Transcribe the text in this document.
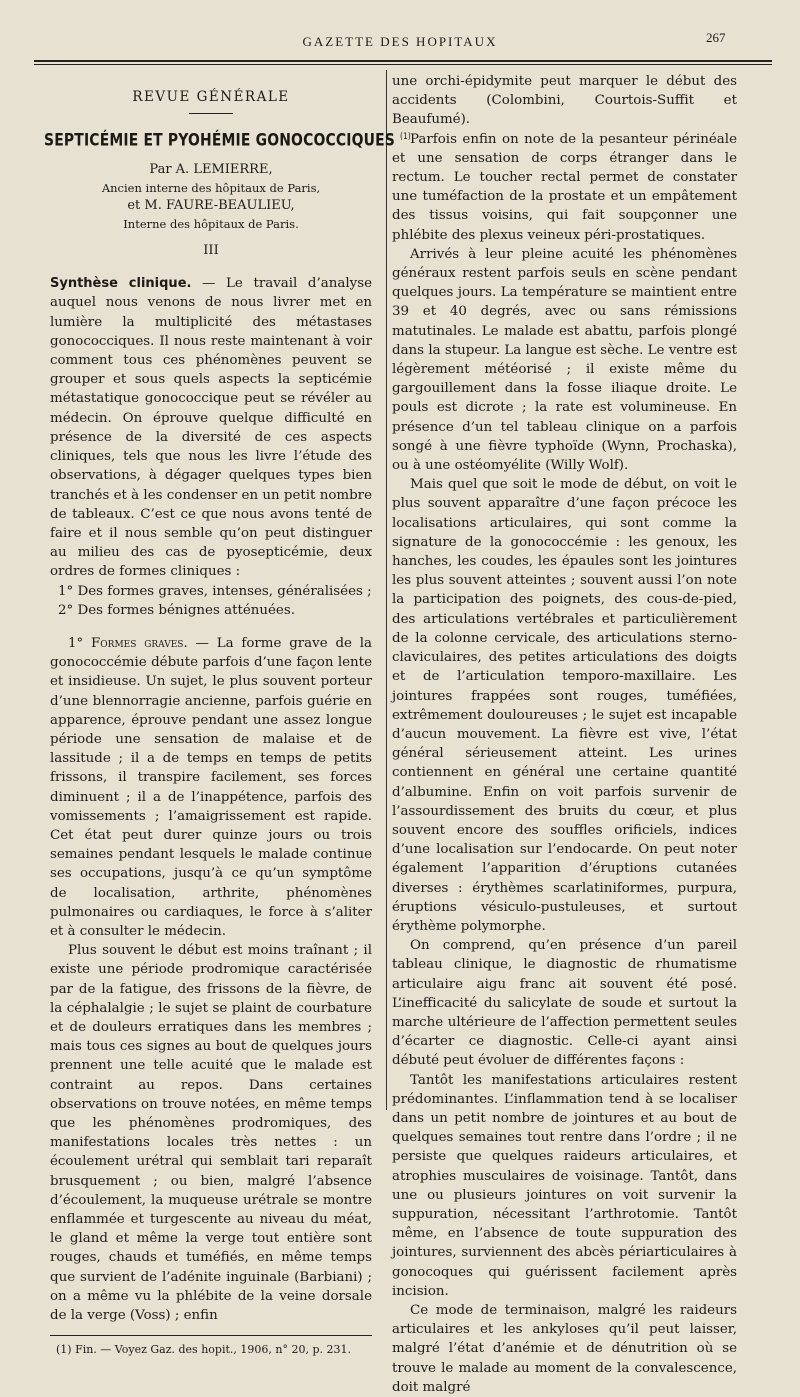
GAZETTE DES HOPITAUX	267
REVUE GÉNÉRALE
SEPTICÉMIE ET PYOHÉMIE GONOCOCCIQUES $^{(1)}$
Par A. LEMIERRE,
Ancien interne des hôpitaux de Paris,
et M. FAURE-BEAULIEU,
Interne des hôpitaux de Paris.
III

Synthèse clinique. — Le travail d’analyse auquel nous venons de nous livrer met en lumière la multiplicité des métastases gonococciques. Il nous reste maintenant à voir comment tous ces phénomènes peuvent se grouper et sous quels aspects la septicémie métastatique gonococcique peut se révéler au médecin. On éprouve quelque difficulté en présence de la diversité de ces aspects cliniques, tels que nous les livre l’étude des observations, à dégager quelques types bien tranchés et à les condenser en un petit nombre de tableaux. C’est ce que nous avons tenté de faire et il nous semble qu’on peut distinguer au milieu des cas de pyosepticémie, deux ordres de formes cliniques :

1° Des formes graves, intenses, généralisées ;

2° Des formes bénignes atténuées.

1° Formes graves. — La forme grave de la gonococcémie débute parfois d’une façon lente et insidieuse. Un sujet, le plus souvent porteur d’une blennorragie ancienne, parfois guérie en apparence, éprouve pendant une assez longue période une sensation de malaise et de lassitude ; il a de temps en temps de petits frissons, il transpire facilement, ses forces diminuent ; il a de l’inappétence, parfois des vomissements ; l’amaigrissement est rapide. Cet état peut durer quinze jours ou trois semaines pendant lesquels le malade continue ses occupations, jusqu’à ce qu’un symptôme de localisation, arthrite, phénomènes pulmonaires ou cardiaques, le force à s’aliter et à consulter le médecin.

Plus souvent le début est moins traînant ; il existe une période prodromique caractérisée par de la fatigue, des frissons de la fièvre, de la céphalalgie ; le sujet se plaint de courbature et de douleurs erratiques dans les membres ; mais tous ces signes au bout de quelques jours prennent une telle acuité que le malade est contraint au repos. Dans certaines observations on trouve notées, en même temps que les phénomènes prodromiques, des manifestations locales très nettes : un écoulement urétral qui semblait tari reparaît brusquement ; ou bien, malgré l’absence d’écoulement, la muqueuse urétrale se montre enflammée et turgescente au niveau du méat, le gland et même la verge tout entière sont rouges, chauds et tuméfiés, en même temps que survient de l’adénite inguinale (Barbiani) ; on a même vu la phlébite de la veine dorsale de la verge (Voss) ; enfin

(1) Fin. — Voyez Gaz. des hopit., 1906, n° 20, p. 231.

une orchi-épidymite peut marquer le début des accidents (Colombini, Courtois-Suffit et Beaufumé).

Parfois enfin on note de la pesanteur périnéale et une sensation de corps étranger dans le rectum. Le toucher rectal permet de constater une tuméfaction de la prostate et un empâtement des tissus voisins, qui fait soupçonner une phlébite des plexus veineux péri-prostatiques.

Arrivés à leur pleine acuité les phénomènes généraux restent parfois seuls en scène pendant quelques jours. La température se maintient entre 39 et 40 degrés, avec ou sans rémissions matutinales. Le malade est abattu, parfois plongé dans la stupeur. La langue est sèche. Le ventre est légèrement météorisé ; il existe même du gargouillement dans la fosse iliaque droite. Le pouls est dicrote ; la rate est volumineuse. En présence d’un tel tableau clinique on a parfois songé à une fièvre typhoïde (Wynn, Prochaska), ou à une ostéomyélite (Willy Wolf).

Mais quel que soit le mode de début, on voit le plus souvent apparaître d’une façon précoce les localisations articulaires, qui sont comme la signature de la gonococcémie : les genoux, les hanches, les coudes, les épaules sont les jointures les plus souvent atteintes ; souvent aussi l’on note la participation des poignets, des cous-de-pied, des articulations vertébrales et particulièrement de la colonne cervicale, des articulations sterno-claviculaires, des petites articulations des doigts et de l’articulation temporo-maxillaire. Les jointures frappées sont rouges, tuméfiées, extrêmement douloureuses ; le sujet est incapable d’aucun mouvement. La fièvre est vive, l’état général sérieusement atteint. Les urines contiennent en général une certaine quantité d’albumine. Enfin on voit parfois survenir de l’assourdissement des bruits du cœur, et plus souvent encore des souffles orificiels, indices d’une localisation sur l’endocarde. On peut noter également l’apparition d’éruptions cutanées diverses : érythèmes scarlatiniformes, purpura, éruptions vésiculo-pustuleuses, et surtout érythème polymorphe.

On comprend, qu’en présence d’un pareil tableau clinique, le diagnostic de rhumatisme articulaire aigu franc ait souvent été posé. L’inefficacité du salicylate de soude et surtout la marche ultérieure de l’affection permettent seules d’écarter ce diagnostic. Celle-ci ayant ainsi débuté peut évoluer de différentes façons :

Tantôt les manifestations articulaires restent prédominantes. L’inflammation tend à se localiser dans un petit nombre de jointures et au bout de quelques semaines tout rentre dans l’ordre ; il ne persiste que quelques raideurs articulaires, et atrophies musculaires de voisinage. Tantôt, dans une ou plusieurs jointures on voit survenir la suppuration, nécessitant l’arthrotomie. Tantôt même, en l’absence de toute suppuration des jointures, surviennent des abcès périarticulaires à gonocoques qui guérissent facilement après incision.

Ce mode de terminaison, malgré les raideurs articulaires et les ankyloses qu’il peut laisser, malgré l’état d’anémie et de dénutrition où se trouve le malade au moment de la convalescence, doit malgré
